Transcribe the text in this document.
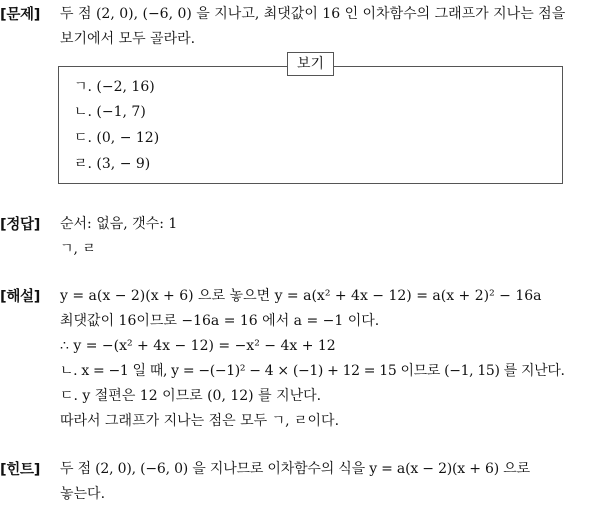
[문제] 두 점 (2, 0), (−6, 0) 을 지나고, 최댓값이 16 인 이차함수의 그래프가 지나는 점을
보기에서 모두 골라라.
보기
ㄱ. (−2, 16)
ㄴ. (−1, 7)
ㄷ. (0, − 12)
ㄹ. (3, − 9)
[정답] 순서: 없음, 갯수: 1
ㄱ, ㄹ
[해설] y = a(x − 2)(x + 6) 으로 놓으면 y = a(x² + 4x − 12) = a(x + 2)² − 16a
최댓값이 16이므로 −16a = 16 에서 a = −1 이다.
∴ y = −(x² + 4x − 12) = −x² − 4x + 12
ㄴ. x = −1 일 때, y = −(−1)² − 4 × (−1) + 12 = 15 이므로 (−1, 15) 를 지난다.
ㄷ. y 절편은 12 이므로 (0, 12) 를 지난다.
따라서 그래프가 지나는 점은 모두 ㄱ, ㄹ이다.
[힌트] 두 점 (2, 0), (−6, 0) 을 지나므로 이차함수의 식을 y = a(x − 2)(x + 6) 으로
놓는다.
